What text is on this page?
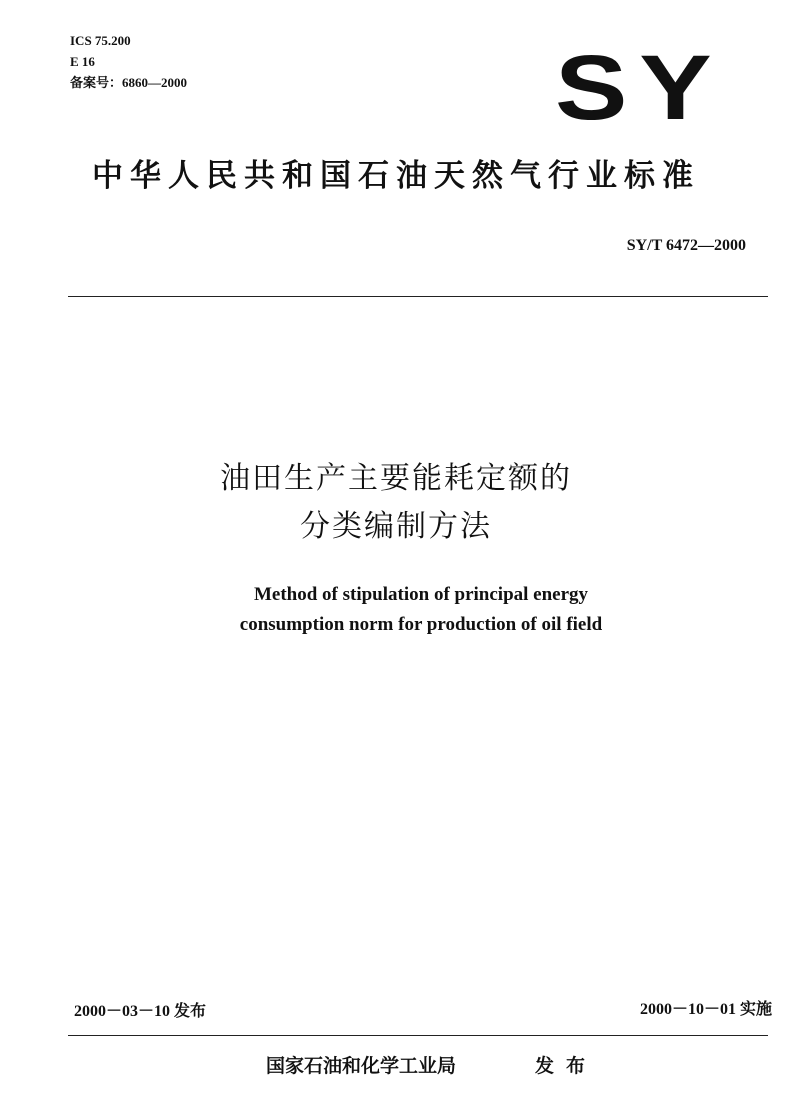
ICS 75.200
E 16
备案号：6860—2000	SY
中华人民共和国石油天然气行业标准
SY/T 6472—2000
油田生产主要能耗定额的
分类编制方法
Method of stipulation of principal energy
consumption norm for production of oil field
2000－03－10 发布	2000－10－01 实施
国家石油和化学工业局	发布
